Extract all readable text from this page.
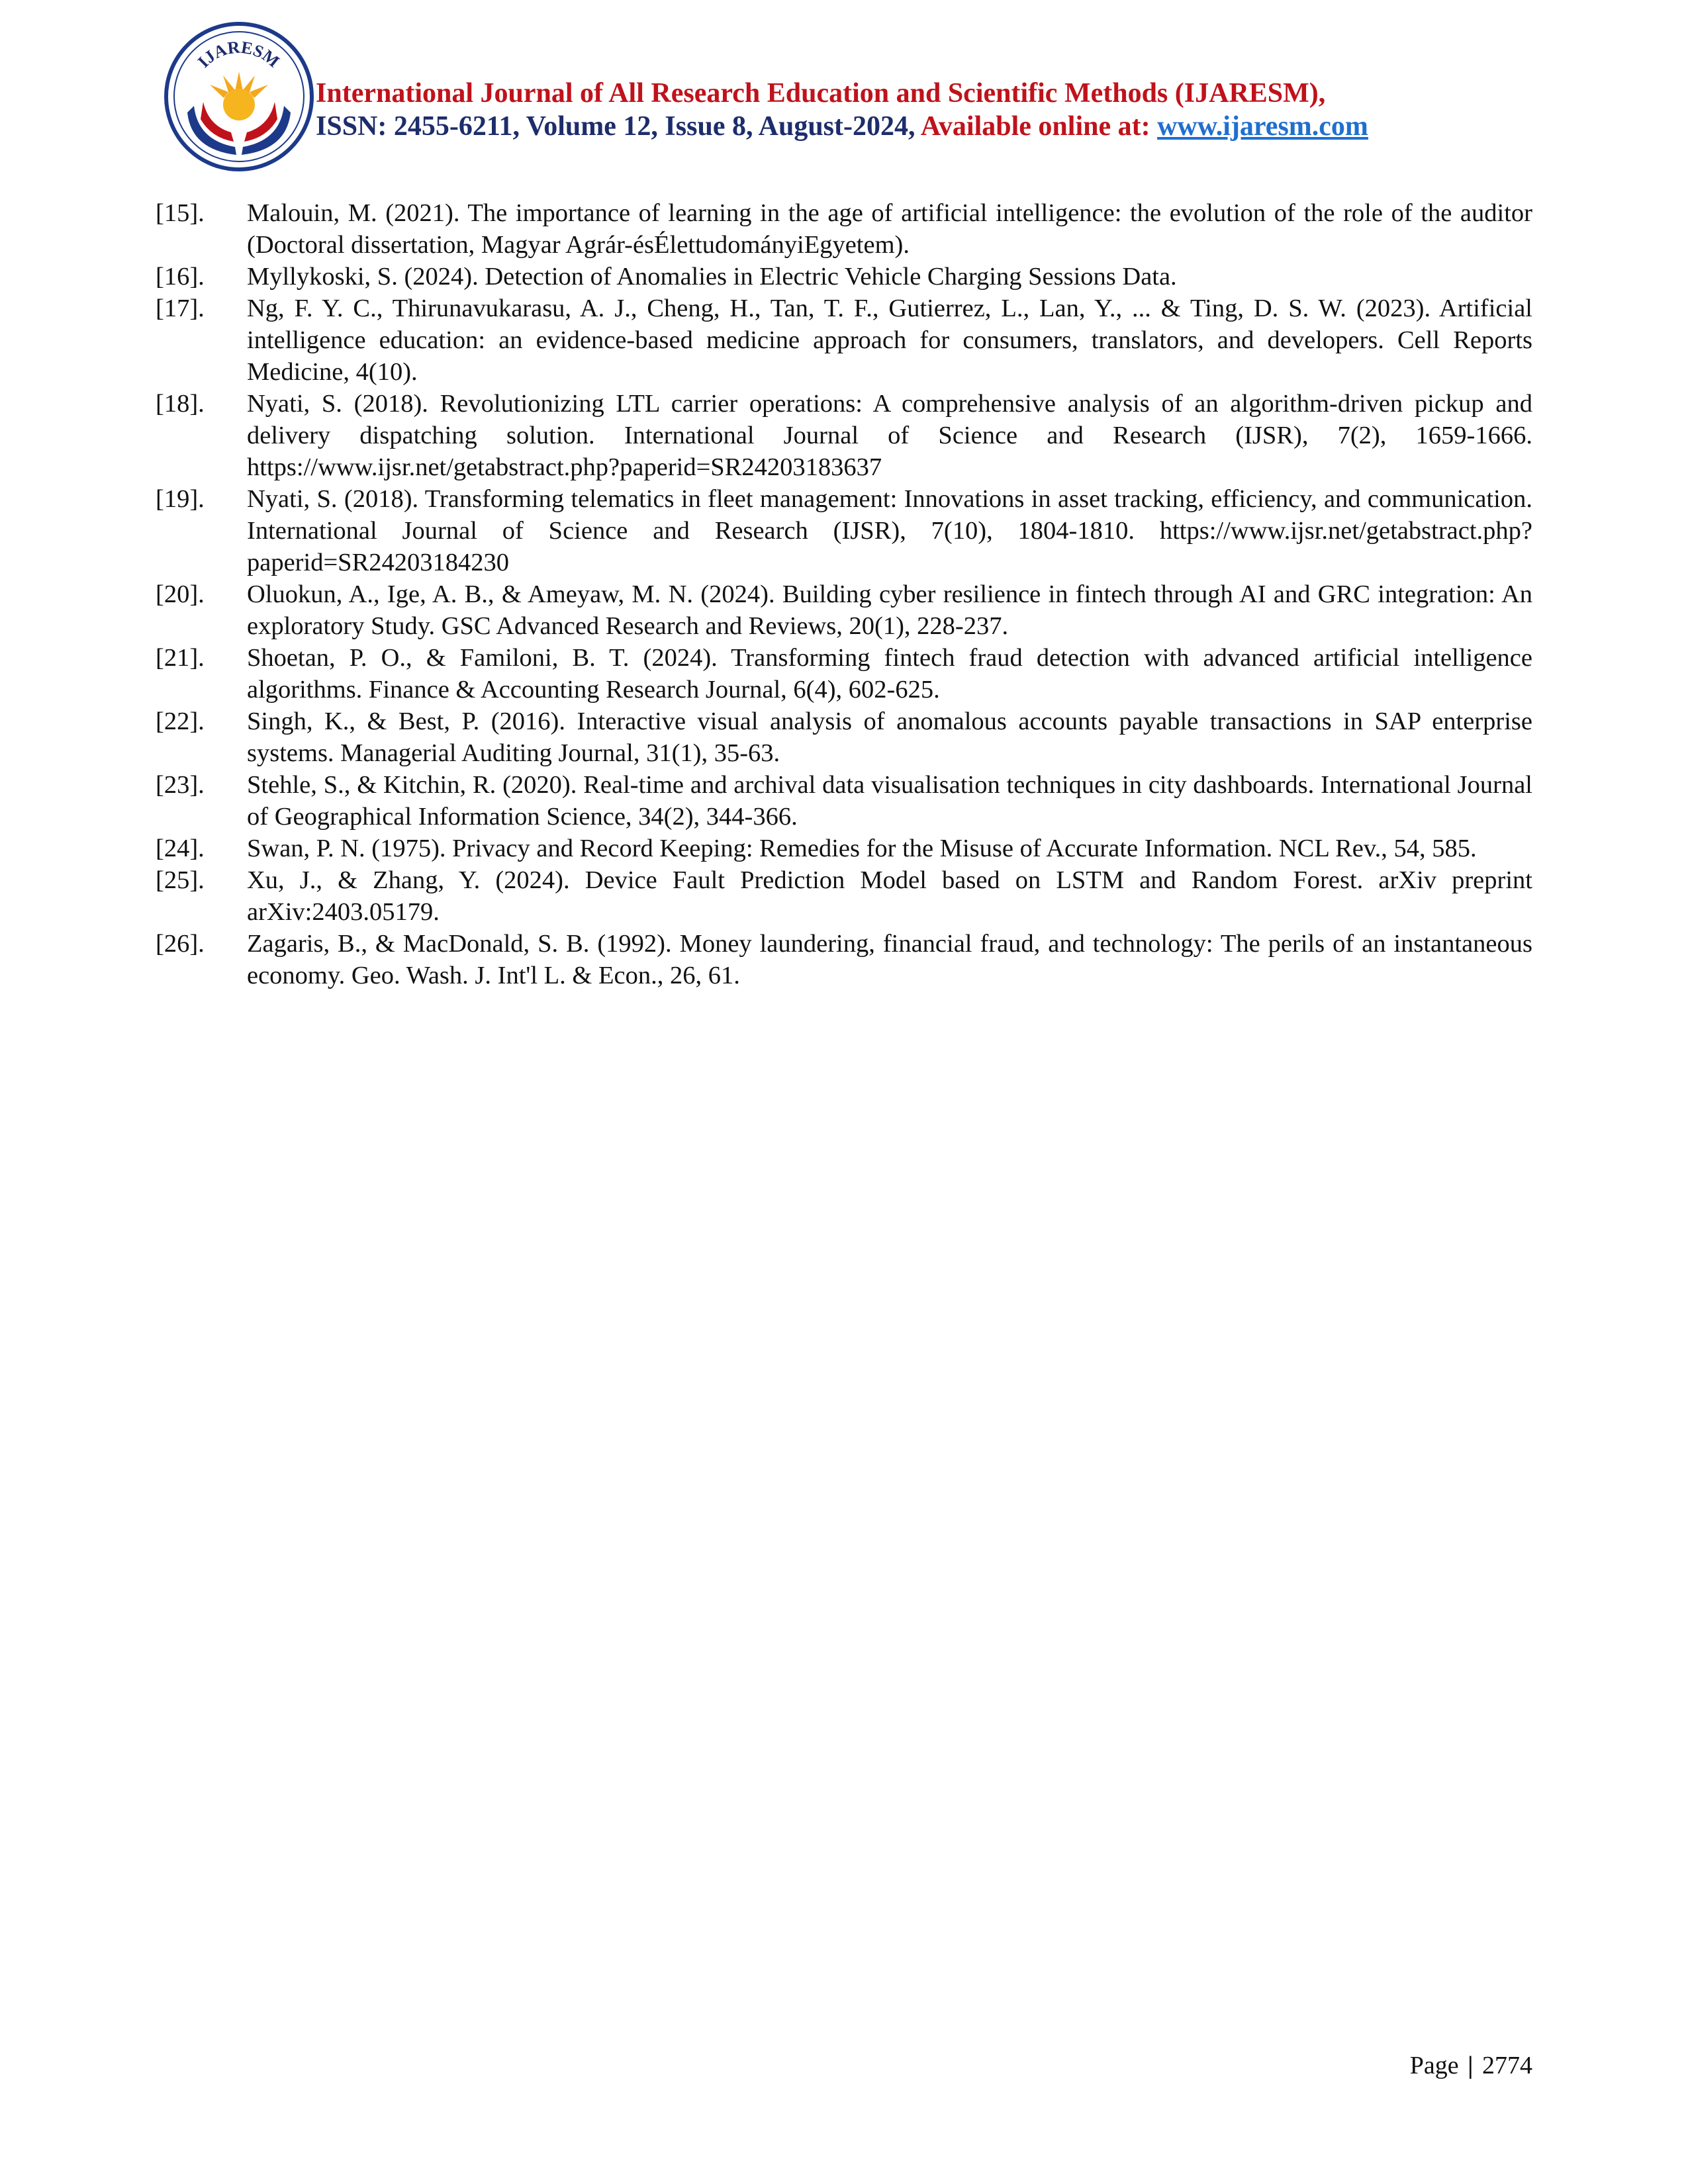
IJARESM
International Journal of All Research Education and Scientific Methods (IJARESM),
ISSN: 2455-6211, Volume 12, Issue 8, August-2024, Available online at: www.ijaresm.com
[15].	Malouin, M. (2021). The importance of learning in the age of artificial intelligence: the evolution of the role of the auditor (Doctoral dissertation, Magyar Agrár-ésÉlettudományiEgyetem).
[16].	Myllykoski, S. (2024). Detection of Anomalies in Electric Vehicle Charging Sessions Data.
[17].	Ng, F. Y. C., Thirunavukarasu, A. J., Cheng, H., Tan, T. F., Gutierrez, L., Lan, Y., ... & Ting, D. S. W. (2023). Artificial intelligence education: an evidence-based medicine approach for consumers, translators, and developers. Cell Reports Medicine, 4(10).
[18].	Nyati, S. (2018). Revolutionizing LTL carrier operations: A comprehensive analysis of an algorithm-driven pickup and delivery dispatching solution. International Journal of Science and Research (IJSR), 7(2), 1659-1666. https://www.ijsr.net/getabstract.php?paperid=SR24203183637
[19].	Nyati, S. (2018). Transforming telematics in fleet management: Innovations in asset tracking, efficiency, and communication. International Journal of Science and Research (IJSR), 7(10), 1804-1810. https://www.ijsr.net/getabstract.php?paperid=SR24203184230
[20].	Oluokun, A., Ige, A. B., & Ameyaw, M. N. (2024). Building cyber resilience in fintech through AI and GRC integration: An exploratory Study. GSC Advanced Research and Reviews, 20(1), 228-237.
[21].	Shoetan, P. O., & Familoni, B. T. (2024). Transforming fintech fraud detection with advanced artificial intelligence algorithms. Finance & Accounting Research Journal, 6(4), 602-625.
[22].	Singh, K., & Best, P. (2016). Interactive visual analysis of anomalous accounts payable transactions in SAP enterprise systems. Managerial Auditing Journal, 31(1), 35-63.
[23].	Stehle, S., & Kitchin, R. (2020). Real-time and archival data visualisation techniques in city dashboards. International Journal of Geographical Information Science, 34(2), 344-366.
[24].	Swan, P. N. (1975). Privacy and Record Keeping: Remedies for the Misuse of Accurate Information. NCL Rev., 54, 585.
[25].	Xu, J., & Zhang, Y. (2024). Device Fault Prediction Model based on LSTM and Random Forest. arXiv preprint arXiv:2403.05179.
[26].	Zagaris, B., & MacDonald, S. B. (1992). Money laundering, financial fraud, and technology: The perils of an instantaneous economy. Geo. Wash. J. Int'l L. & Econ., 26, 61.
Page | 2774
